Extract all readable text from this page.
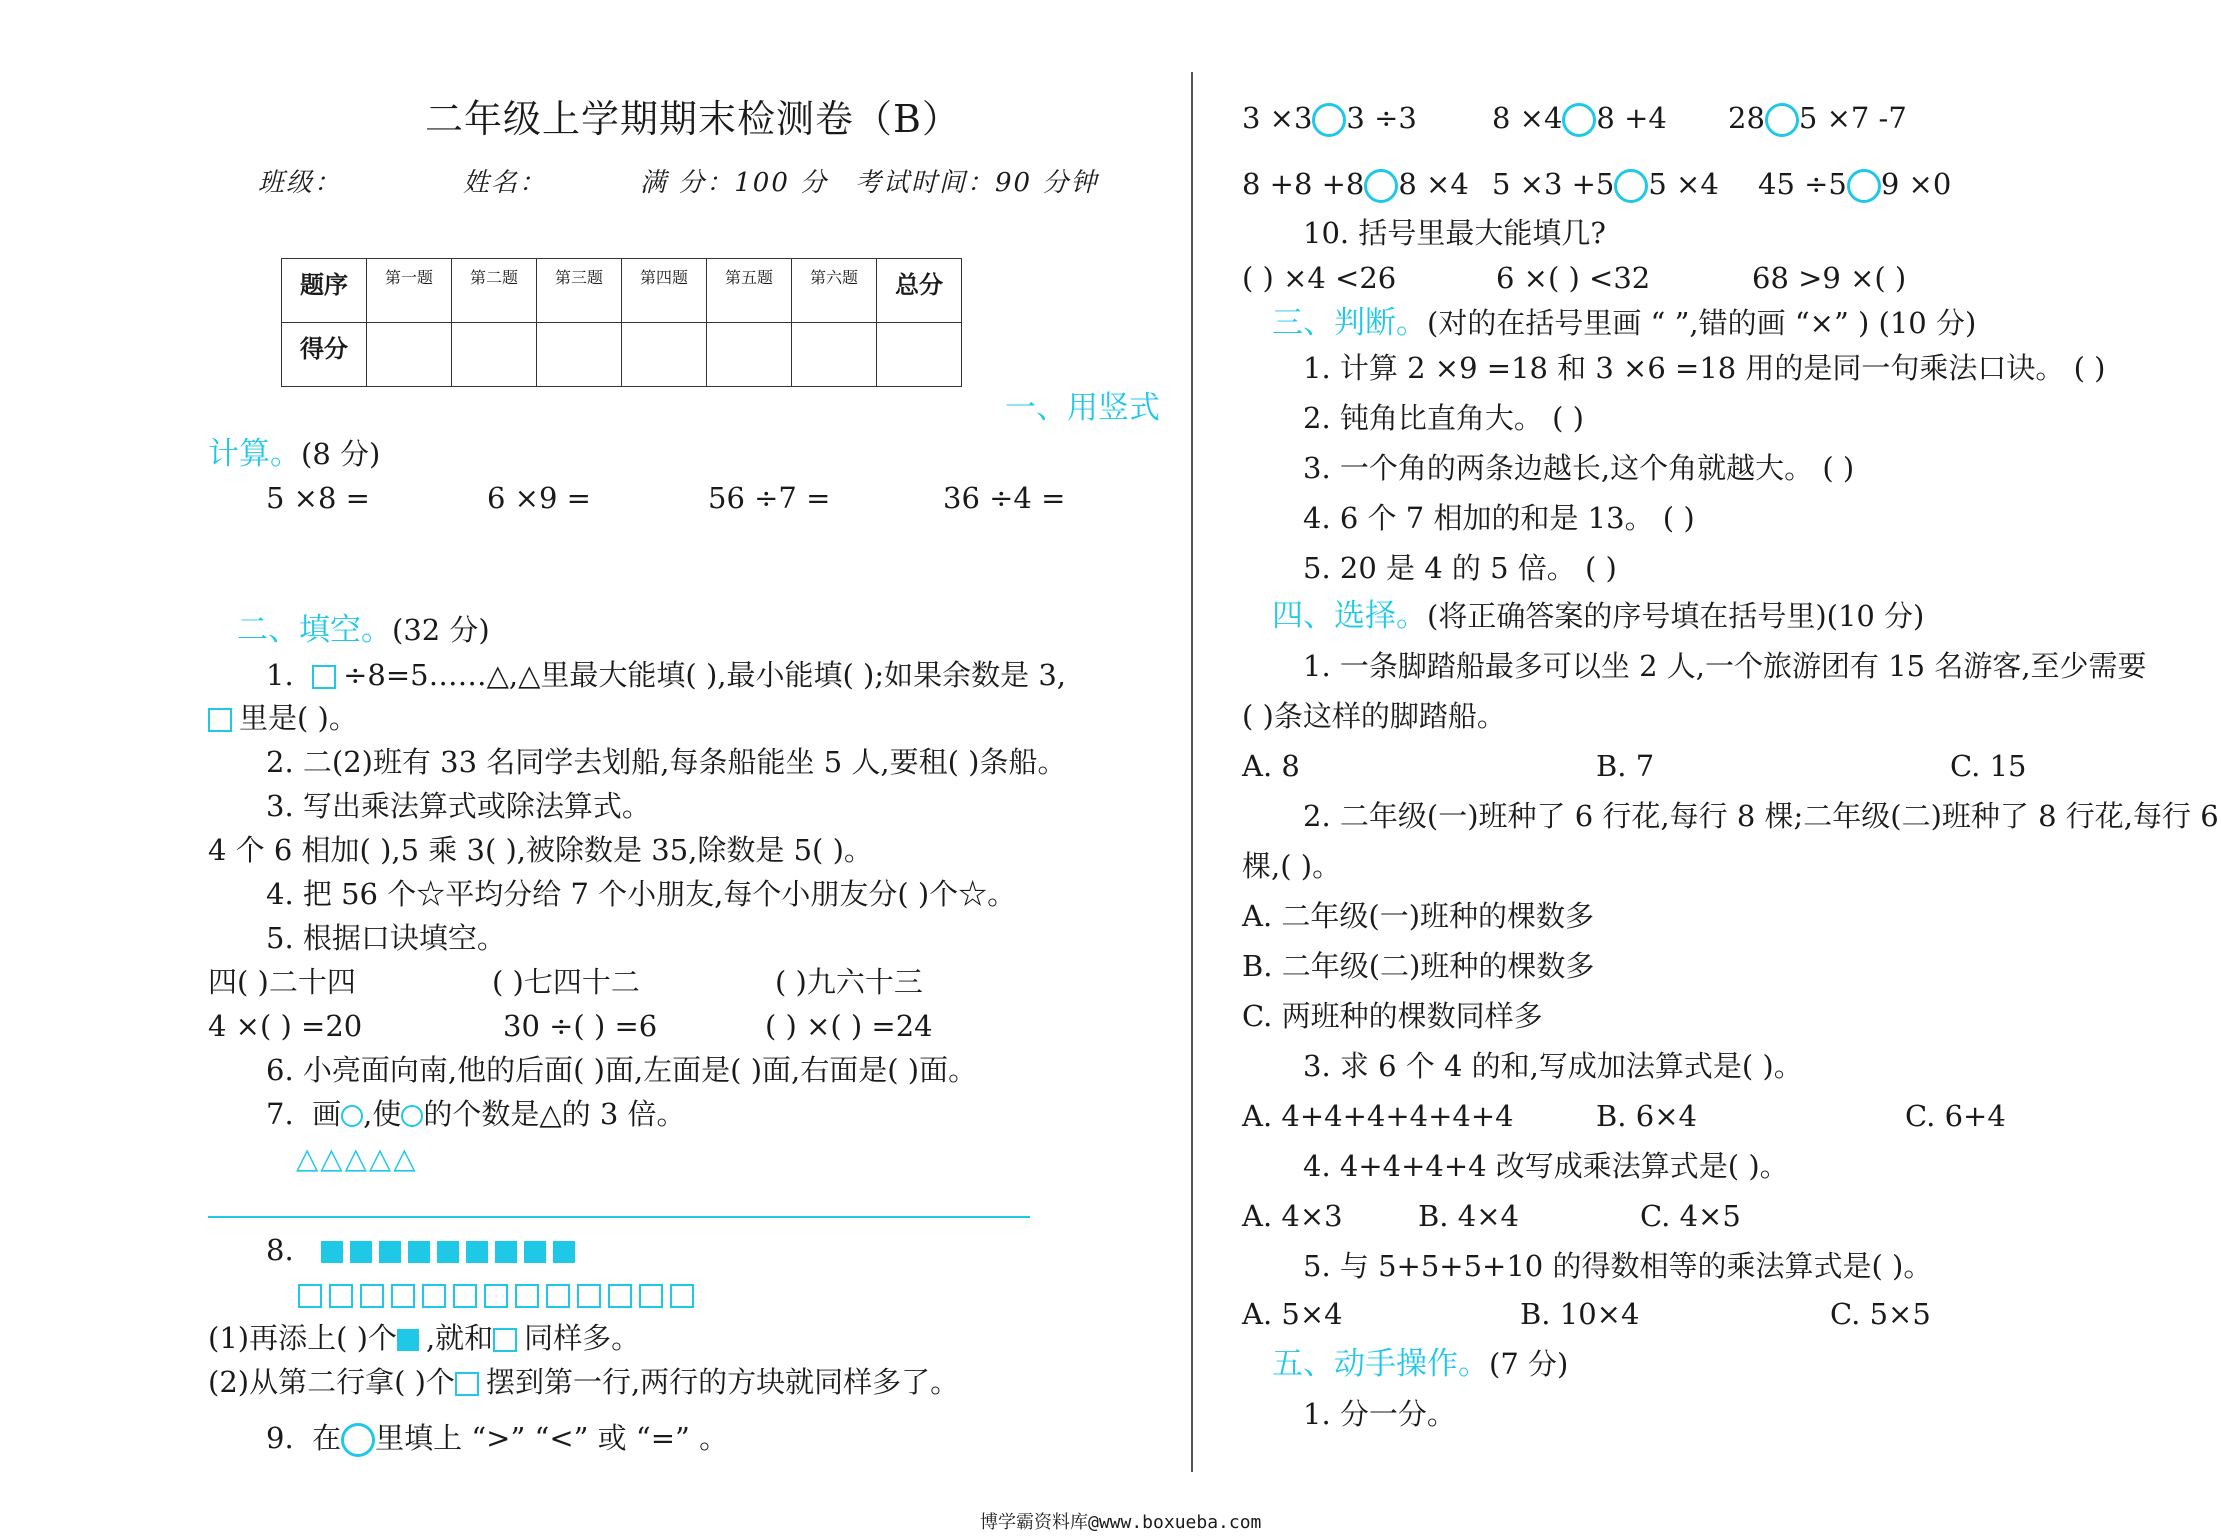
二年级上学期期末检测卷（B）
班级：	姓名：	满 分：100 分 考试时间：90 分钟
题序	第一题	第二题	第三题	第四题	第五题	第六题	总分
得分							
一、用竖式
计算。(8 分)
5 ×8 =	6 ×9 =	56 ÷7 =	36 ÷4 =
二、填空。(32 分)
1. ÷8=5……△,△里最大能填( ),最小能填( );如果余数是 3,
里是( )。
2. 二(2)班有 33 名同学去划船,每条船能坐 5 人,要租( )条船。
3. 写出乘法算式或除法算式。
4 个 6 相加( ),5 乘 3( ),被除数是 35,除数是 5( )。
4. 把 56 个☆平均分给 7 个小朋友,每个小朋友分( )个☆。
5. 根据口诀填空。
四( )二十四	( )七四十二	( )九六十三
4 ×( ) =20	30 ÷( ) =6	( ) ×( ) =24
6. 小亮面向南,他的后面( )面,左面是( )面,右面是( )面。
7. 画 ,使 的个数是△的 3 倍。
△△△△△
8.
(1)再添上( )个 ,就和 同样多。
(2)从第二行拿( )个 摆到第一行,两行的方块就同样多了。
9. 在 里填上 “>” “<” 或 “=” 。
3 ×3 3 ÷3	8 ×4 8 +4 28 5 ×7 -7
8 +8 +8 8 ×4 5 ×3 +5 5 ×4 45 ÷5 9 ×0
10. 括号里最大能填几?
( ) ×4 <26	6 ×( ) <32	68 >9 ×( )
三、判断。(对的在括号里画 “ ”,错的画 “×” ) (10 分)
1. 计算 2 ×9 =18 和 3 ×6 =18 用的是同一句乘法口诀。 ( )
2. 钝角比直角大。 ( )
3. 一个角的两条边越长,这个角就越大。 ( )
4. 6 个 7 相加的和是 13。 ( )
5. 20 是 4 的 5 倍。 ( )
四、选择。(将正确答案的序号填在括号里)(10 分)
1. 一条脚踏船最多可以坐 2 人,一个旅游团有 15 名游客,至少需要
( )条这样的脚踏船。
A. 8	B. 7	C. 15
2. 二年级(一)班种了 6 行花,每行 8 棵;二年级(二)班种了 8 行花,每行 6
棵,( )。
A. 二年级(一)班种的棵数多
B. 二年级(二)班种的棵数多
C. 两班种的棵数同样多
3. 求 6 个 4 的和,写成加法算式是( )。
A. 4+4+4+4+4+4	B. 6×4	C. 6+4
4. 4+4+4+4 改写成乘法算式是( )。
A. 4×3	B. 4×4	C. 4×5
5. 与 5+5+5+10 的得数相等的乘法算式是( )。
A. 5×4	B. 10×4	C. 5×5
五、动手操作。(7 分)
1. 分一分。
博学霸资料库@www.boxueba.com
